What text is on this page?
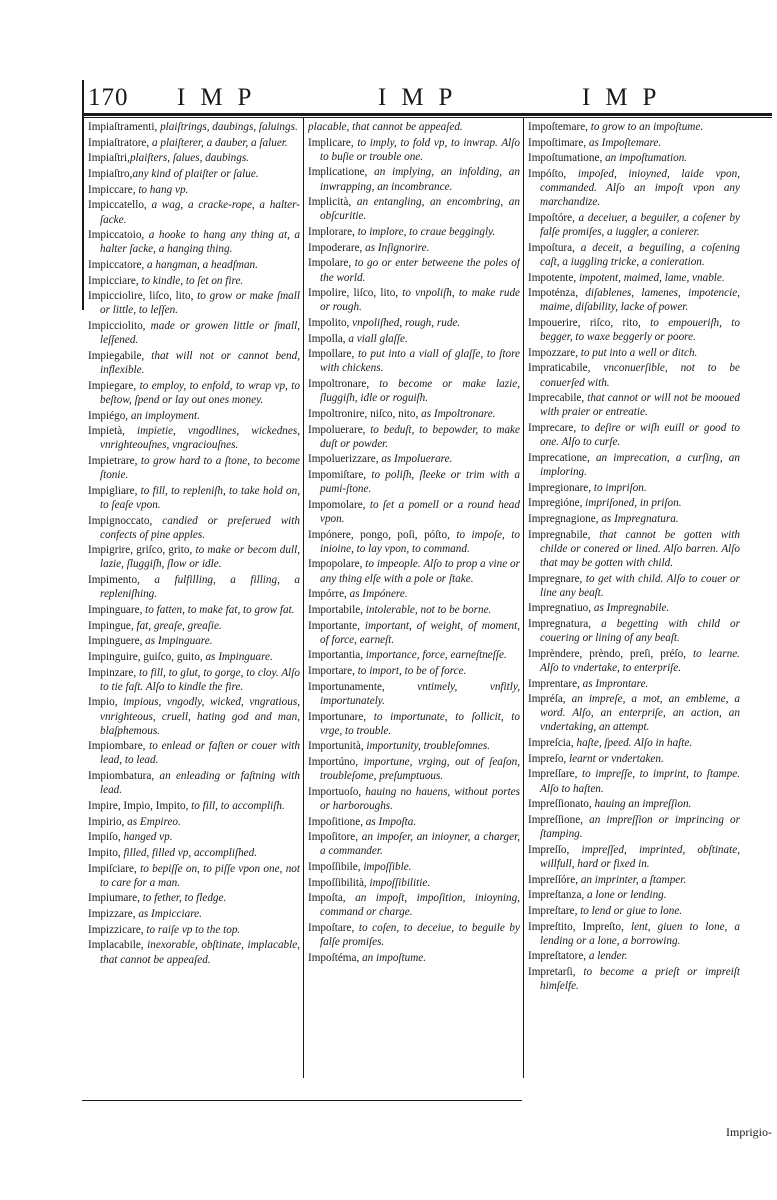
170 IMP	IMP	IMP

Impiaſtramenti, plaiſtrings, daubings, ſaluings.

Impiaſtratore, a plaiſterer, a dauber, a ſaluer.

Impiaſtri,plaiſters, ſalues, daubings.

Impiaſtro,any kind of plaiſter or ſalue.

Impiccare, to hang vp.

Impiccatello, a wag, a cracke-rope, a halter-ſacke.

Impiccatoio, a hooke to hang any thing at, a halter ſacke, a hanging thing.

Impiccatore, a hangman, a headſman.

Impicciare, to kindle, to ſet on fire.

Impicciolire, liſco, lito, to grow or make ſmall or little, to leſſen.

Impicciolito, made or growen little or ſmall, leſſened.

Impiegabile, that will not or cannot bend, inflexible.

Impiegare, to employ, to enfold, to wrap vp, to beſtow, ſpend or lay out ones money.

Impiégo, an imployment.

Impietà, impietie, vngodlines, wickednes, vnrighteouſnes, vngraciouſnes.

Impietrare, to grow hard to a ſtone, to become ſtonie.

Impigliare, to fill, to repleniſh, to take hold on, to ſeaſe vpon.

Impignoccato, candied or preſerued with confects of pine apples.

Impigrire, griſco, grito, to make or becom dull, lazie, ſluggiſh, ſlow or idle.

Impimento, a fulfilling, a filling, a repleniſhing.

Impinguare, to fatten, to make fat, to grow fat.

Impingue, fat, greaſe, greaſie.

Impinguere, as Impinguare.

Impinguire, guiſco, guito, as Impinguare.

Impinzare, to fill, to glut, to gorge, to cloy. Alſo to tie faſt. Alſo to kindle the fire.

Impio, impious, vngodly, wicked, vngratious, vnrighteous, cruell, hating god and man, blaſphemous.

Impiombare, to enlead or faſten or couer with lead, to lead.

Impiombatura, an enleading or faſtning with lead.

Impire, Impio, Impito, to fill, to accompliſh.

Impirio, as Empireo.

Impiſo, hanged vp.

Impito, filled, filled vp, accompliſhed.

Impiſciare, to bepiſſe on, to piſſe vpon one, not to care for a man.

Impiumare, to fether, to fledge.

Impizzare, as Impicciare.

Impizzicare, to raiſe vp to the top.

Implacabile, inexorable, obſtinate, implacable, that cannot be appeaſed.

placable, that cannot be appeaſed.

Implicare, to imply, to fold vp, to inwrap. Alſo to buſie or trouble one.

Implicatione, an implying, an infolding, an inwrapping, an incombrance.

Implicità, an entangling, an encombring, an obſcuritie.

Implorare, to implore, to craue beggingly.

Impoderare, as Inſignorire.

Impolare, to go or enter betweene the poles of the world.

Impolire, liſco, lito, to vnpoliſh, to make rude or rough.

Impolito, vnpoliſhed, rough, rude.

Impolla, a viall glaſſe.

Impollare, to put into a viall of glaſſe, to ſtore with chickens.

Impoltronare, to become or make lazie, ſluggiſh, idle or roguiſh.

Impoltronire, niſco, nito, as Impoltronare.

Impoluerare, to beduſt, to bepowder, to make duſt or powder.

Impoluerizzare, as Impoluerare.

Impomiſtare, to poliſh, ſleeke or trim with a pumi-ſtone.

Impomolare, to ſet a pomell or a round head vpon.

Impónere, pongo, poſi, póſto, to impoſe, to inioine, to lay vpon, to command.

Impopolare, to impeople. Alſo to prop a vine or any thing elſe with a pole or ſtake.

Impórre, as Impónere.

Importabile, intolerable, not to be borne.

Importante, important, of weight, of moment, of force, earneſt.

Importantia, importance, force, earneſtneſſe.

Importare, to import, to be of force.

Importunamente, vntimely, vnfitly, importunately.

Importunare, to importunate, to ſollicit, to vrge, to trouble.

Importunità, importunity, troubleſomnes.

Importúno, importune, vrging, out of ſeaſon, troubleſome, preſumptuous.

Importuoſo, hauing no hauens, without portes or harboroughs.

Impoſitione, as Impoſta.

Impoſitore, an impoſer, an inioyner, a charger, a commander.

Impoſſibile, impoſſible.

Impoſſibilità, impoſſibilitie.

Impoſta, an impoſt, impoſition, inioyning, command or charge.

Impoſtare, to coſen, to deceiue, to beguile by falſe promiſes.

Impoſtéma, an impoſtume.

Impoſtemare, to grow to an impoſtume.

Impoſtimare, as Impoſtemare.

Impoſtumatione, an impoſtumation.

Impóſto, impoſed, inioyned, laide vpon, commanded. Alſo an impoſt vpon any marchandize.

Impoſtóre, a deceiuer, a beguiler, a coſener by falſe promiſes, a iuggler, a conierer.

Impoſtura, a deceit, a beguiling, a coſening caſt, a iuggling tricke, a conieration.

Impotente, impotent, maimed, lame, vnable.

Impoténza, diſablenes, lamenes, impotencie, maime, diſability, lacke of power.

Impouerire, riſco, rito, to empoueriſh, to begger, to waxe beggerly or poore.

Impozzare, to put into a well or ditch.

Impraticabile, vnconuerſible, not to be conuerſed with.

Imprecabile, that cannot or will not be mooued with praier or entreatie.

Imprecare, to deſire or wiſh euill or good to one. Alſo to curſe.

Imprecatione, an imprecation, a curſing, an imploring.

Impregionare, to impriſon.

Impregióne, impriſoned, in priſon.

Impregnagione, as Impregnatura.

Impregnabile, that cannot be gotten with childe or conered or lined. Alſo barren. Alſo that may be gotten with child.

Impregnare, to get with child. Alſo to couer or line any beaſt.

Impregnatiuo, as Impregnabile.

Impregnatura, a begetting with child or couering or lining of any beaſt.

Imprèndere, prèndo, preſi, préſo, to learne. Alſo to vndertake, to enterpriſe.

Imprentare, as Improntare.

Impréſa, an impreſe, a mot, an embleme, a word. Alſo, an enterpriſe, an action, an vndertaking, an attempt.

Impreſcia, haſte, ſpeed. Alſo in haſte.

Impreſo, learnt or vndertaken.

Impreſſare, to impreſſe, to imprint, to ſtampe. Alſo to haſten.

Impreſſionato, hauing an impreſſion.

Impreſſione, an impreſſion or imprincing or ſtamping.

Impreſſo, impreſſed, imprinted, obſtinate, willfull, hard or fixed in.

Impreſſóre, an imprinter, a ſtamper.

Impreſtanza, a lone or lending.

Impreſtare, to lend or giue to lone.

Impreſtito, Impreſto, lent, giuen to lone, a lending or a lone, a borrowing.

Impreſtatore, a lender.

Impretarſi, to become a prieſt or impreiſt himſelfe.

Imprigio-
